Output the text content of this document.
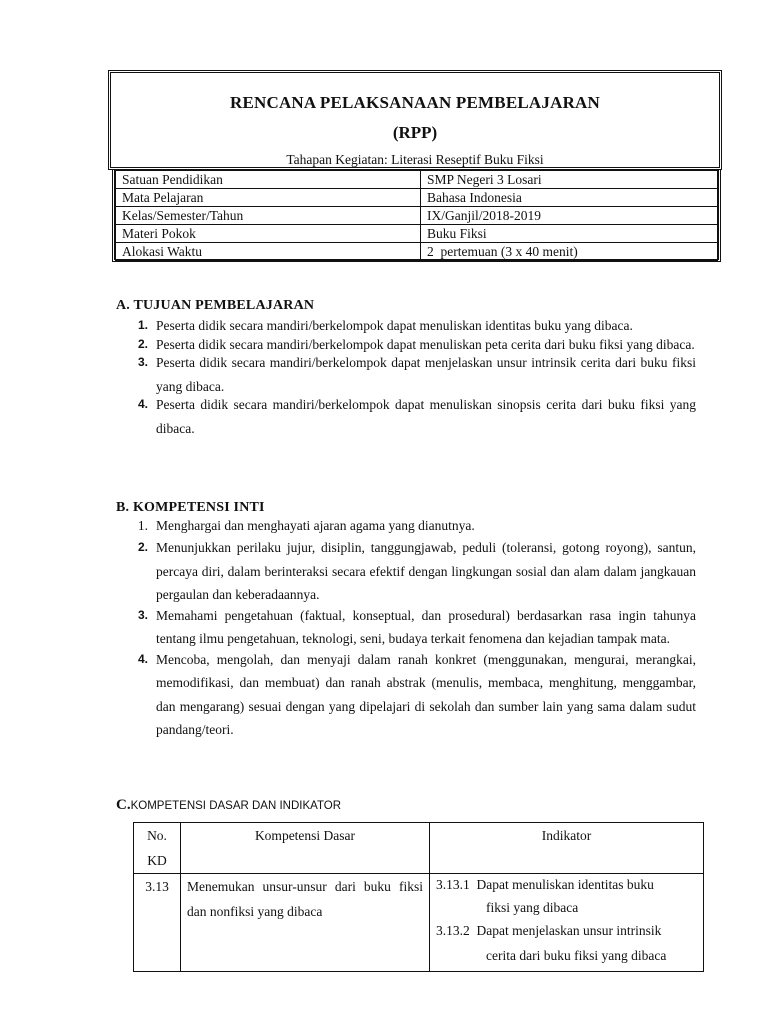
RENCANA PELAKSANAAN PEMBELAJARAN
(RPP)
Tahapan Kegiatan: Literasi Reseptif Buku Fiksi
Satuan Pendidikan	SMP Negeri 3 Losari
Mata Pelajaran	Bahasa Indonesia
Kelas/Semester/Tahun	IX/Ganjil/2018-2019
Materi Pokok	Buku Fiksi
Alokasi Waktu	2  pertemuan (3 x 40 menit)
A. TUJUAN PEMBELAJARAN
1. Peserta didik secara mandiri/berkelompok dapat menuliskan identitas buku yang dibaca.
2. Peserta didik secara mandiri/berkelompok dapat menuliskan peta cerita dari buku fiksi yang dibaca.
3. Peserta didik secara mandiri/berkelompok dapat menjelaskan unsur intrinsik cerita dari buku fiksi yang dibaca.
4. Peserta didik secara mandiri/berkelompok dapat menuliskan sinopsis cerita dari buku fiksi yang dibaca.
B. KOMPETENSI INTI
1. Menghargai dan menghayati ajaran agama yang dianutnya.
2. Menunjukkan perilaku jujur, disiplin, tanggungjawab, peduli (toleransi, gotong royong), santun, percaya diri, dalam berinteraksi secara efektif dengan lingkungan sosial dan alam dalam jangkauan pergaulan dan keberadaannya.
3. Memahami pengetahuan (faktual, konseptual, dan prosedural) berdasarkan rasa ingin tahunya tentang ilmu pengetahuan, teknologi, seni, budaya terkait fenomena dan kejadian tampak mata.
4. Mencoba, mengolah, dan menyaji dalam ranah konkret (menggunakan, mengurai, merangkai, memodifikasi, dan membuat) dan ranah abstrak (menulis, membaca, menghitung, menggambar, dan mengarang) sesuai dengan yang dipelajari di sekolah dan sumber lain yang sama dalam sudut pandang/teori.
C.KOMPETENSI DASAR DAN INDIKATOR
No. KD	Kompetensi Dasar	Indikator
3.13	Menemukan unsur-unsur dari buku fiksi dan nonfiksi yang dibaca	3.13.1 Dapat menuliskan identitas buku
fiksi yang dibaca
3.13.2 Dapat menjelaskan unsur intrinsik
cerita dari buku fiksi yang dibaca
